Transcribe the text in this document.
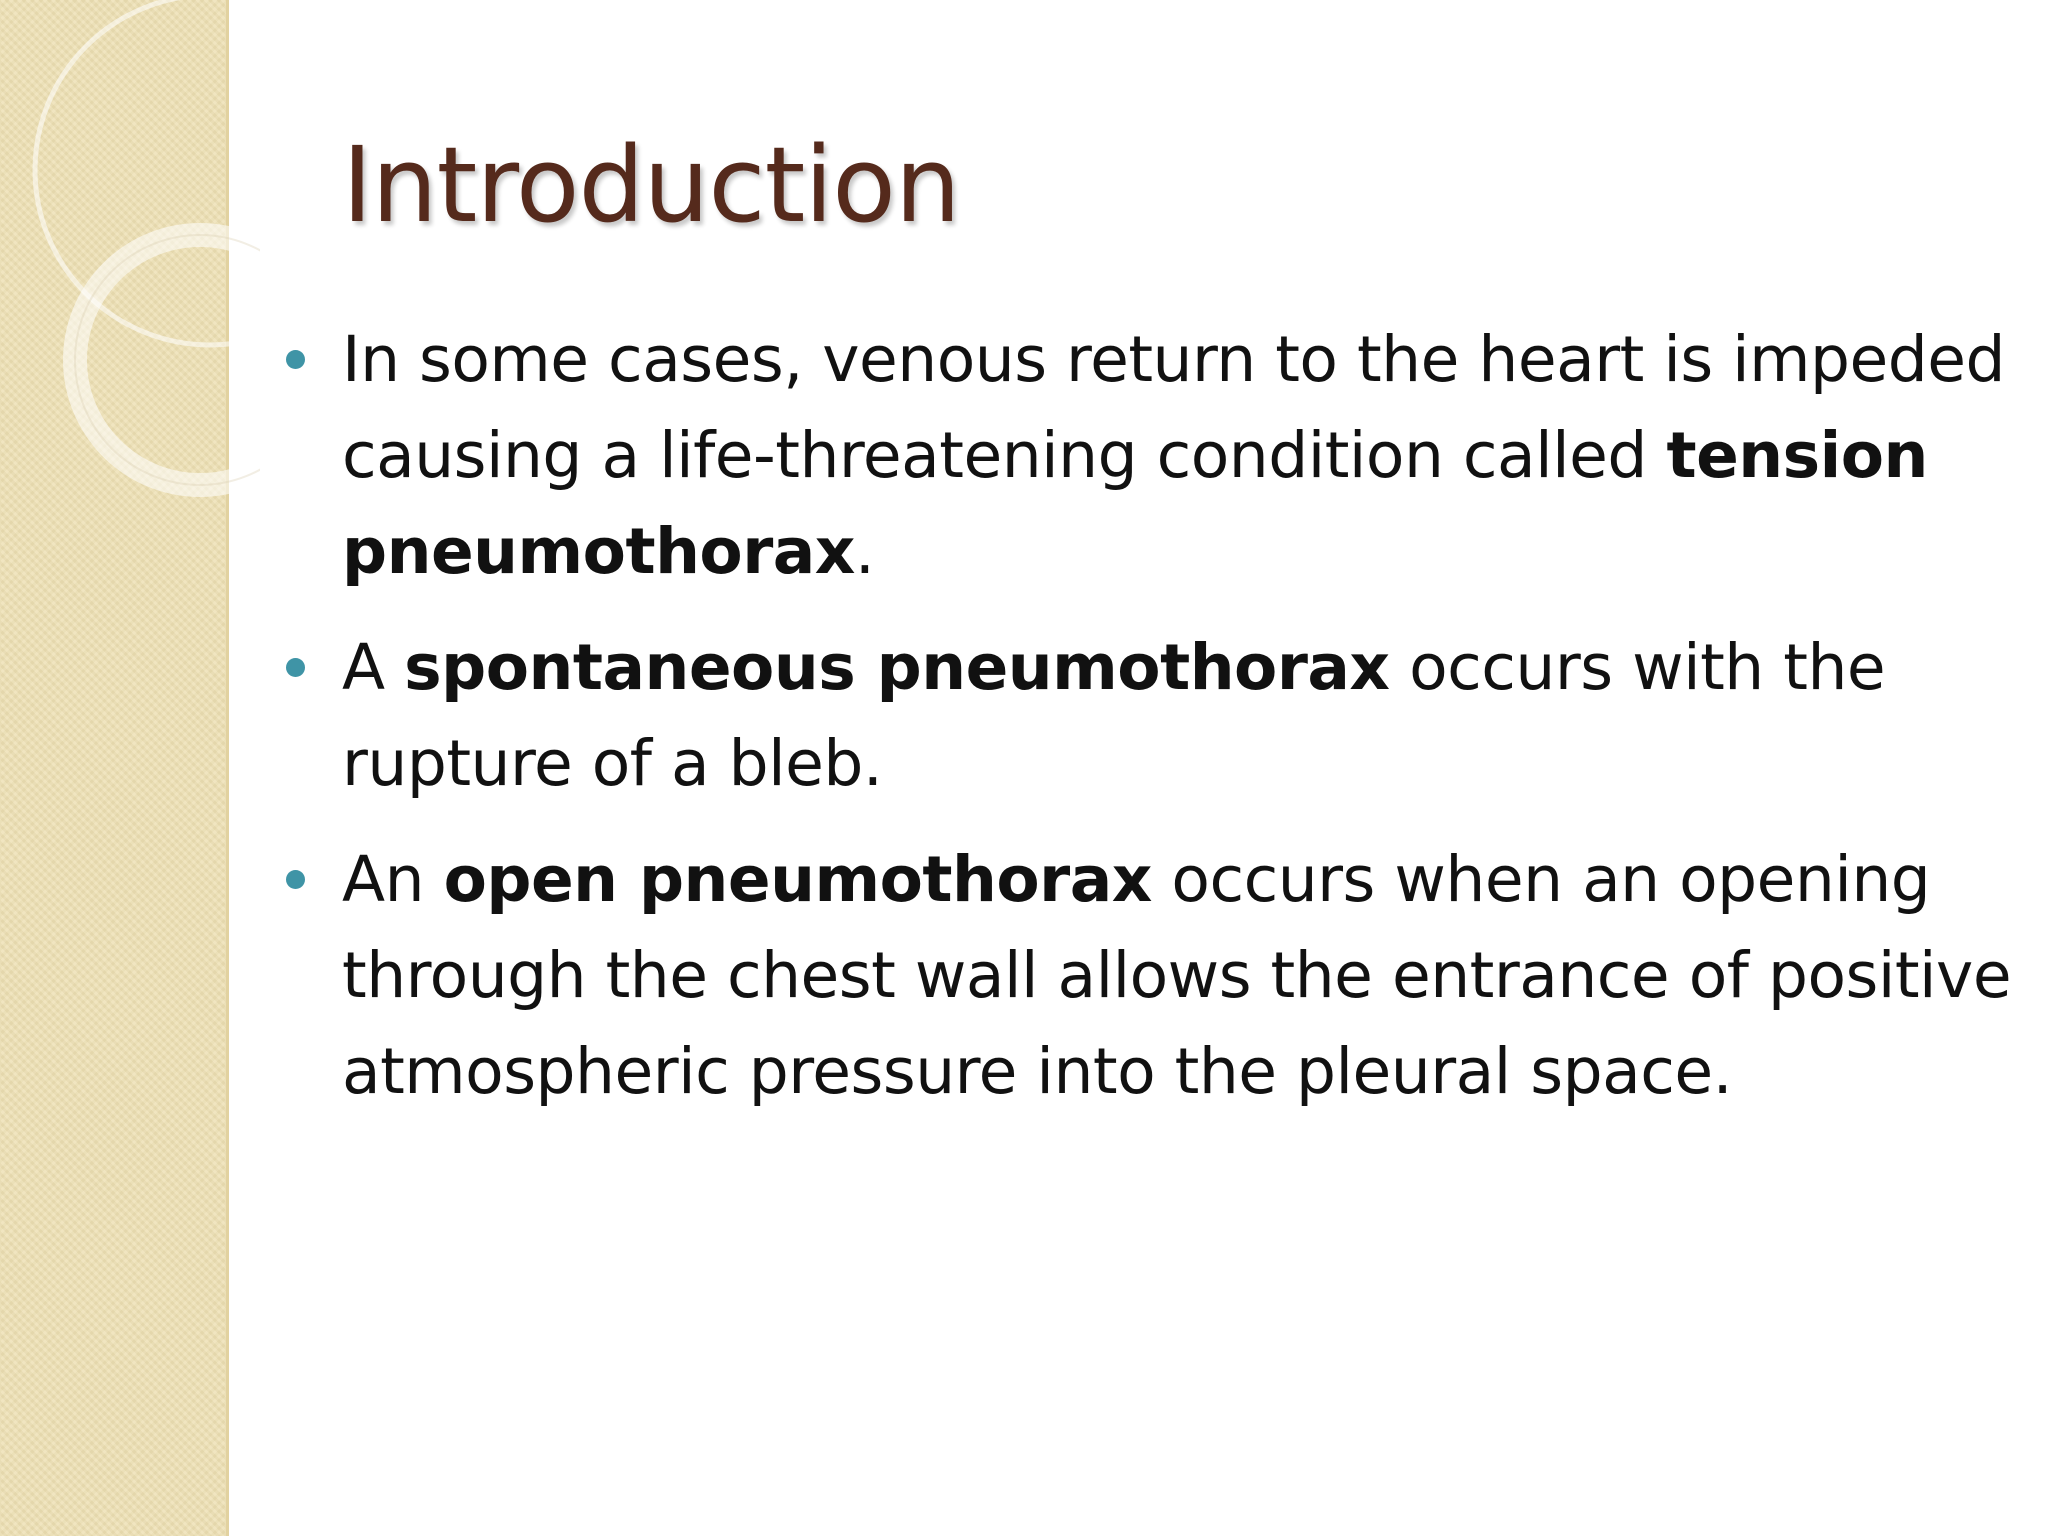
Introduction
In some cases, venous return to the heart is impeded causing a life-threatening condition called tension pneumothorax.
A spontaneous pneumothorax occurs with the rupture of a bleb.
An open pneumothorax occurs when an opening through the chest wall allows the entrance of positive atmospheric pressure into the pleural space.
